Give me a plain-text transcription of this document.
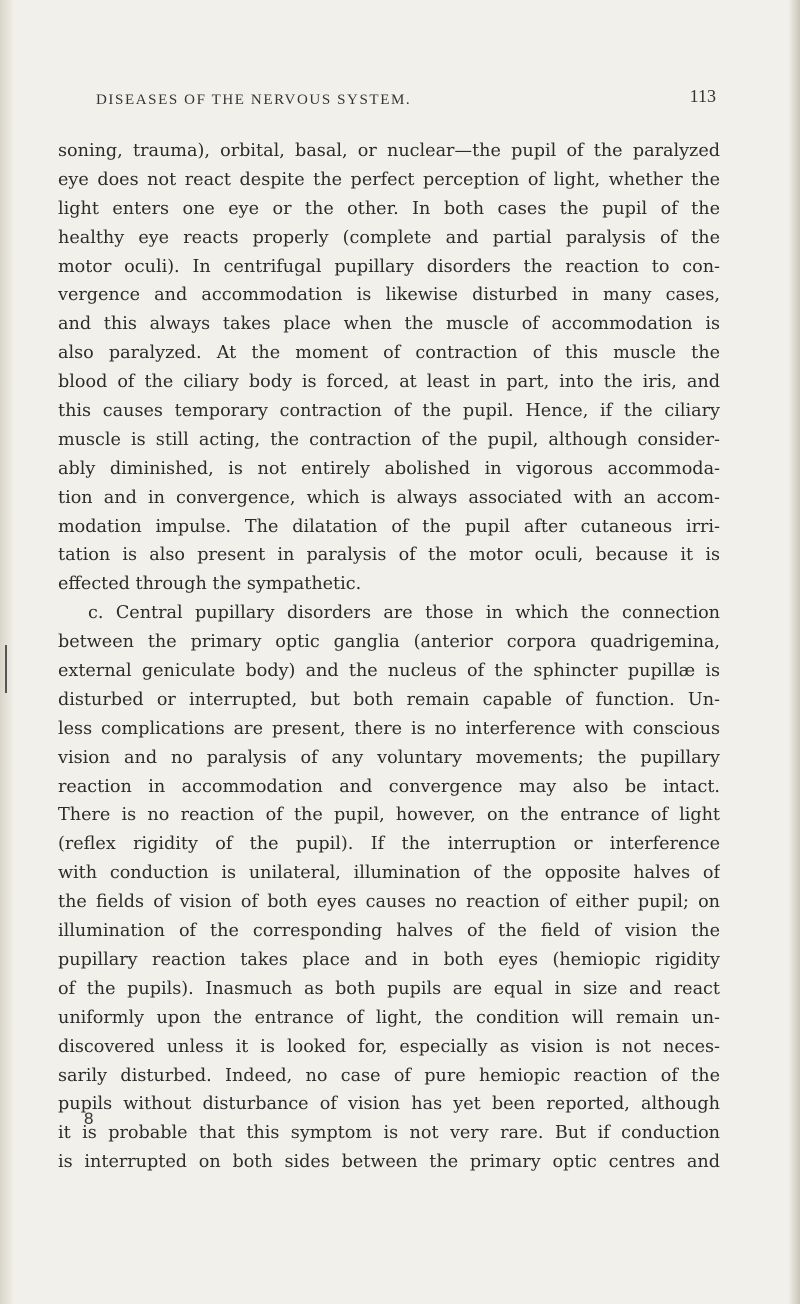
DISEASES OF THE NERVOUS SYSTEM.	113
soning, trauma), orbital, basal, or nuclear—the pupil of the paralyzed
eye does not react despite the perfect perception of light, whether the
light enters one eye or the other. In both cases the pupil of the
healthy eye reacts properly (complete and partial paralysis of the
motor oculi). In centrifugal pupillary disorders the reaction to con-
vergence and accommodation is likewise disturbed in many cases,
and this always takes place when the muscle of accommodation is
also paralyzed. At the moment of contraction of this muscle the
blood of the ciliary body is forced, at least in part, into the iris, and
this causes temporary contraction of the pupil. Hence, if the ciliary
muscle is still acting, the contraction of the pupil, although consider-
ably diminished, is not entirely abolished in vigorous accommoda-
tion and in convergence, which is always associated with an accom-
modation impulse. The dilatation of the pupil after cutaneous irri-
tation is also present in paralysis of the motor oculi, because it is
effected through the sympathetic.
c. Central pupillary disorders are those in which the connection
between the primary optic ganglia (anterior corpora quadrigemina,
external geniculate body) and the nucleus of the sphincter pupillæ is
disturbed or interrupted, but both remain capable of function. Un-
less complications are present, there is no interference with conscious
vision and no paralysis of any voluntary movements; the pupillary
reaction in accommodation and convergence may also be intact.
There is no reaction of the pupil, however, on the entrance of light
(reflex rigidity of the pupil). If the interruption or interference
with conduction is unilateral, illumination of the opposite halves of
the fields of vision of both eyes causes no reaction of either pupil; on
illumination of the corresponding halves of the field of vision the
pupillary reaction takes place and in both eyes (hemiopic rigidity
of the pupils). Inasmuch as both pupils are equal in size and react
uniformly upon the entrance of light, the condition will remain un-
discovered unless it is looked for, especially as vision is not neces-
sarily disturbed. Indeed, no case of pure hemiopic reaction of the
pupils without disturbance of vision has yet been reported, although
it is probable that this symptom is not very rare. But if conduction
is interrupted on both sides between the primary optic centres and
8
